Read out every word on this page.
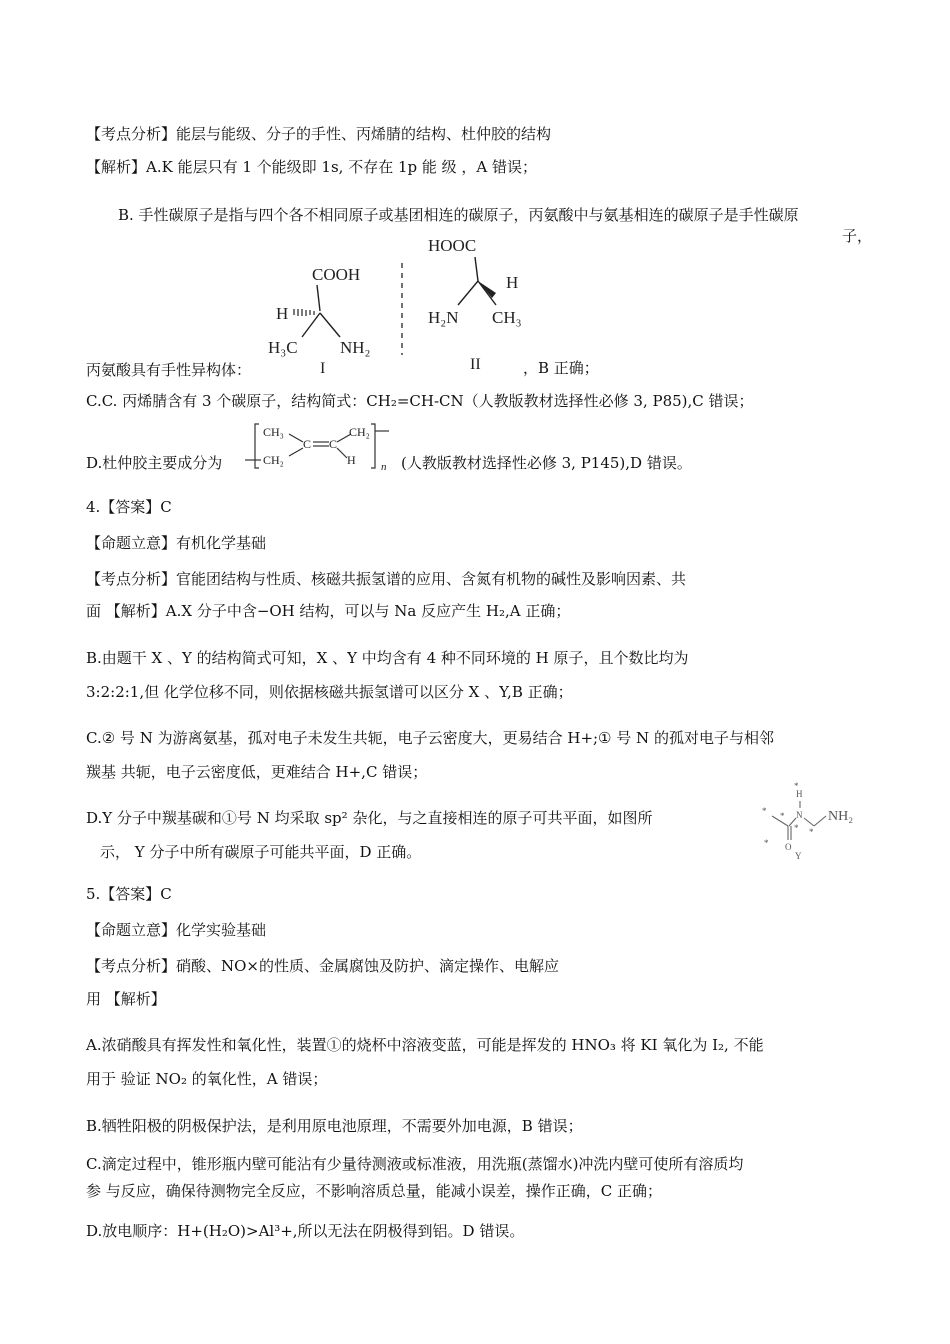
【考点分析】能层与能级、分子的手性、丙烯腈的结构、杜仲胶的结构
【解析】A.K 能层只有 1 个能级即 1s, 不存在 1p 能 级 ，A 错误；
B. 手性碳原子是指与四个各不相同原子或基团相连的碳原子，丙氨酸中与氨基相连的碳原子是手性碳原
子，
COOH
H
H₃C NH₂
I
HOOC
H
H₂N CH₃
II
丙氨酸具有手性异构体：	，B 正确；
C.C. 丙烯腈含有 3 个碳原子，结构简式：CH₂=CH-CN（人教版教材选择性必修 3, P85),C 错误；
D.杜仲胶主要成分为
CH₃
C C
CH₂
CH₂	H n (人教版教材选择性必修 3, P145),D 错误。
4.【答案】C
【命题立意】有机化学基础
【考点分析】官能团结构与性质、核磁共振氢谱的应用、含氮有机物的碱性及影响因素、共
面 【解析】A.X 分子中含−OH 结构，可以与 Na 反应产生 H₂,A 正确；
B.由题干 X 、Y 的结构简式可知，X 、Y 中均含有 4 种不同环境的 H 原子，且个数比均为
3:2:2:1,但 化学位移不同，则依据核磁共振氢谱可以区分 X 、Y,B 正确；
C.② 号 N 为游离氨基，孤对电子未发生共轭，电子云密度大，更易结合 H+;① 号 N 的孤对电子与相邻
羰基 共轭，电子云密度低，更难结合 H+,C 错误；
D.Y 分子中羰基碳和①号 N 均采取 sp² 杂化，与之直接相连的原子可共平面，如图所
示， Y 分子中所有碳原子可能共平面，D 正确。
H
N NH₂
O
Y
*
* *
* *
*
5.【答案】C
【命题立意】化学实验基础
【考点分析】硝酸、NO×的性质、金属腐蚀及防护、滴定操作、电解应
用 【解析】
A.浓硝酸具有挥发性和氧化性，装置①的烧杯中溶液变蓝，可能是挥发的 HNO₃ 将 KI 氧化为 I₂, 不能
用于 验证 NO₂ 的氧化性，A 错误；
B.牺牲阳极的阴极保护法，是利用原电池原理，不需要外加电源，B 错误；
C.滴定过程中，锥形瓶内壁可能沾有少量待测液或标准液，用洗瓶(蒸馏水)冲洗内壁可使所有溶质均
参 与反应，确保待测物完全反应，不影响溶质总量，能减小误差，操作正确，C 正确；
D.放电顺序：H+(H₂O)>Al³+,所以无法在阴极得到铝。D 错误。
